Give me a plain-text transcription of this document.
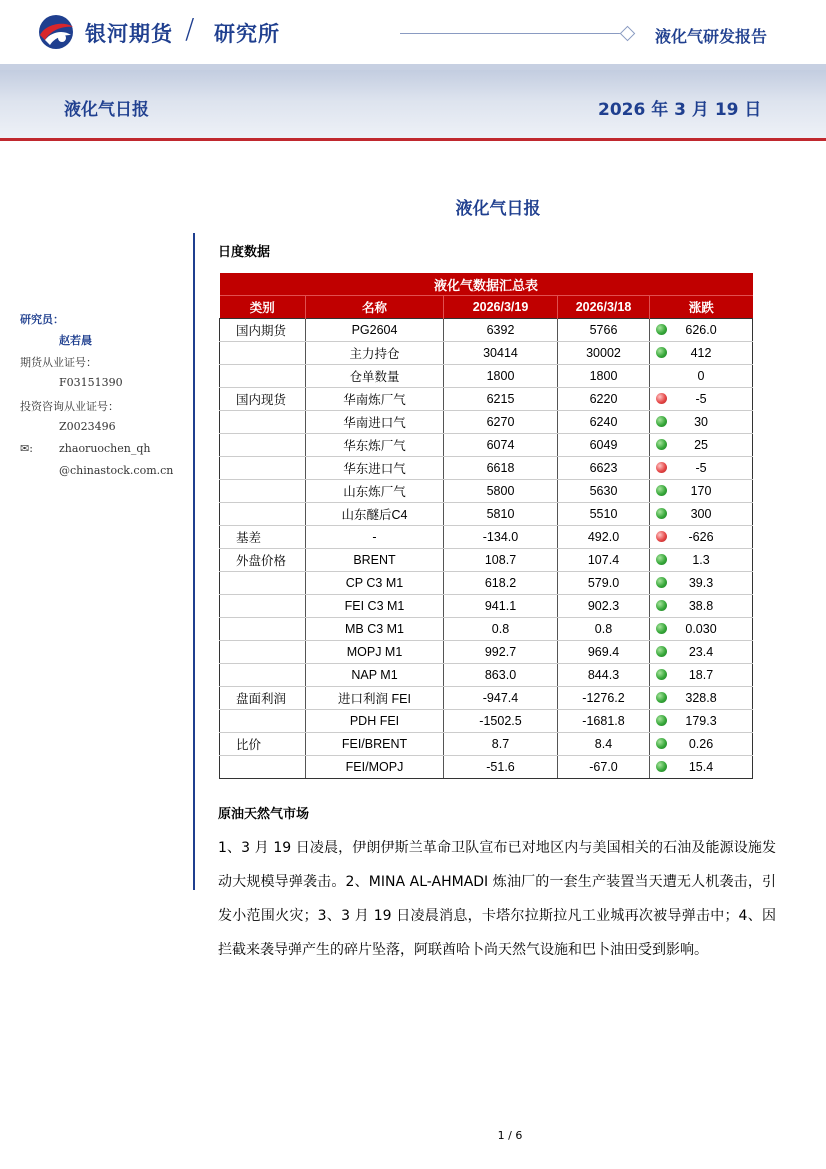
银河期货 / 研究所	液化气研发报告
液化气日报	2026 年 3 月 19 日
研究员：
赵若晨
期货从业证号：
F03151390
投资咨询从业证号：
Z0023496
✉: zhaoruochen_qh
@chinastock.com.cn
液化气日报
日度数据
液化气数据汇总表				
类别	名称	2026/3/19	2026/3/18	涨跌
国内期货	PG2604	6392	5766	626.0
	主力持仓	30414	30002	412
	仓单数量	1800	1800	0
国内现货	华南炼厂气	6215	6220	-5
	华南进口气	6270	6240	30
	华东炼厂气	6074	6049	25
	华东进口气	6618	6623	-5
	山东炼厂气	5800	5630	170
	山东醚后C4	5810	5510	300
基差	-	-134.0	492.0	-626
外盘价格	BRENT	108.7	107.4	1.3
	CP C3 M1	618.2	579.0	39.3
	FEI C3 M1	941.1	902.3	38.8
	MB C3 M1	0.8	0.8	0.030
	MOPJ M1	992.7	969.4	23.4
	NAP M1	863.0	844.3	18.7
盘面利润	进口利润 FEI	-947.4	-1276.2	328.8
	PDH FEI	-1502.5	-1681.8	179.3
比价	FEI/BRENT	8.7	8.4	0.26
	FEI/MOPJ	-51.6	-67.0	15.4
原油天然气市场
1、3 月 19 日凌晨，伊朗伊斯兰革命卫队宣布已对地区内与美国相关的石油及能源设施发动大规模导弹袭击。2、MINA AL-AHMADI 炼油厂的一套生产装置当天遭无人机袭击，引发小范围火灾；3、3 月 19 日凌晨消息，卡塔尔拉斯拉凡工业城再次被导弹击中；4、因拦截来袭导弹产生的碎片坠落，阿联酋哈卜尚天然气设施和巴卜油田受到影响。
1 / 6
